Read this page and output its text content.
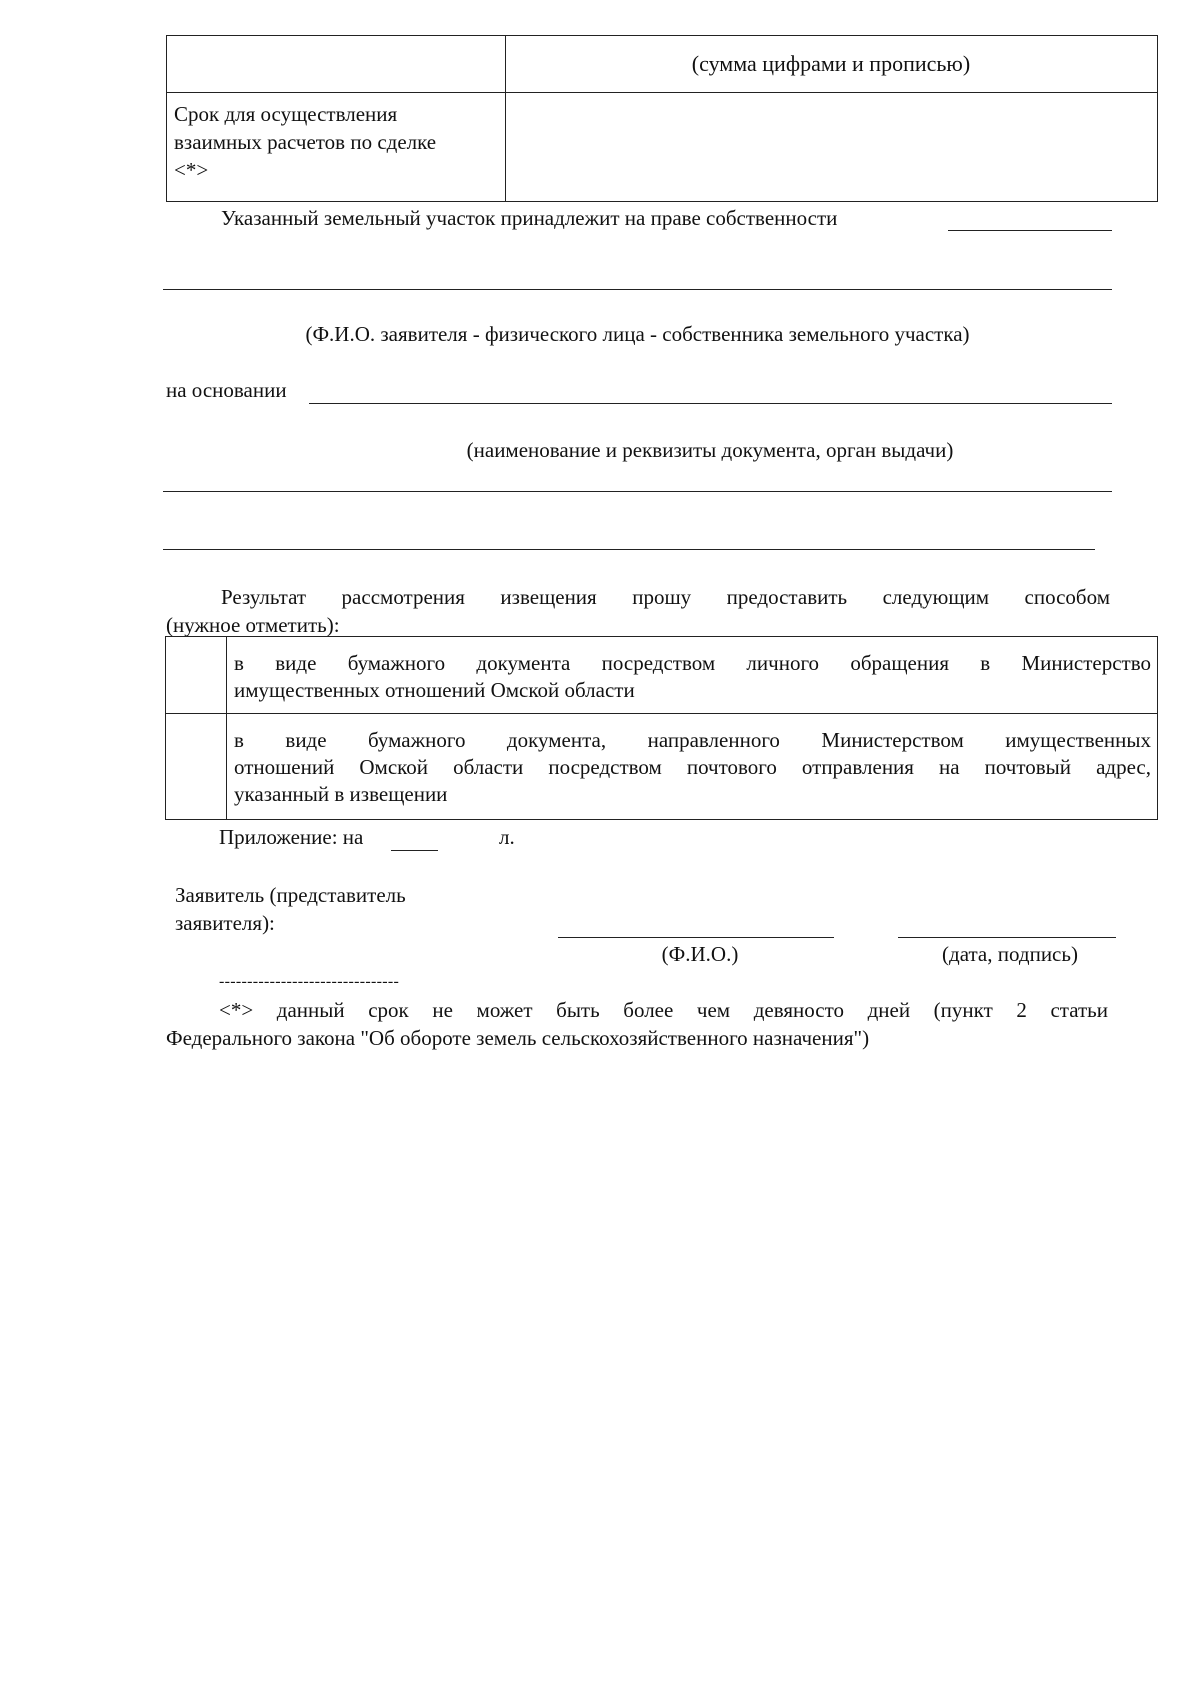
(сумма цифрами и прописью)
Срок для осуществления
взаимных расчетов по сделке
<*>
Указанный земельный участок принадлежит на праве собственности
(Ф.И.О. заявителя - физического лица - собственника земельного участка)
на основании
(наименование и реквизиты документа, орган выдачи)
Результат рассмотрения извещения прошу предоставить следующим способом
(нужное отметить):
в виде бумажного документа посредством личного обращения в Министерство
имущественных отношений Омской области
в виде бумажного документа, направленного Министерством имущественных
отношений Омской области посредством почтового отправления на почтовый адрес,
указанный в извещении
Приложение: на	л.
Заявитель (представитель
заявителя):
(Ф.И.О.)	(дата, подпись)
--------------------------------
<*> данный срок не может быть более чем девяносто дней (пункт 2 статьи
Федерального закона "Об обороте земель сельскохозяйственного назначения")
